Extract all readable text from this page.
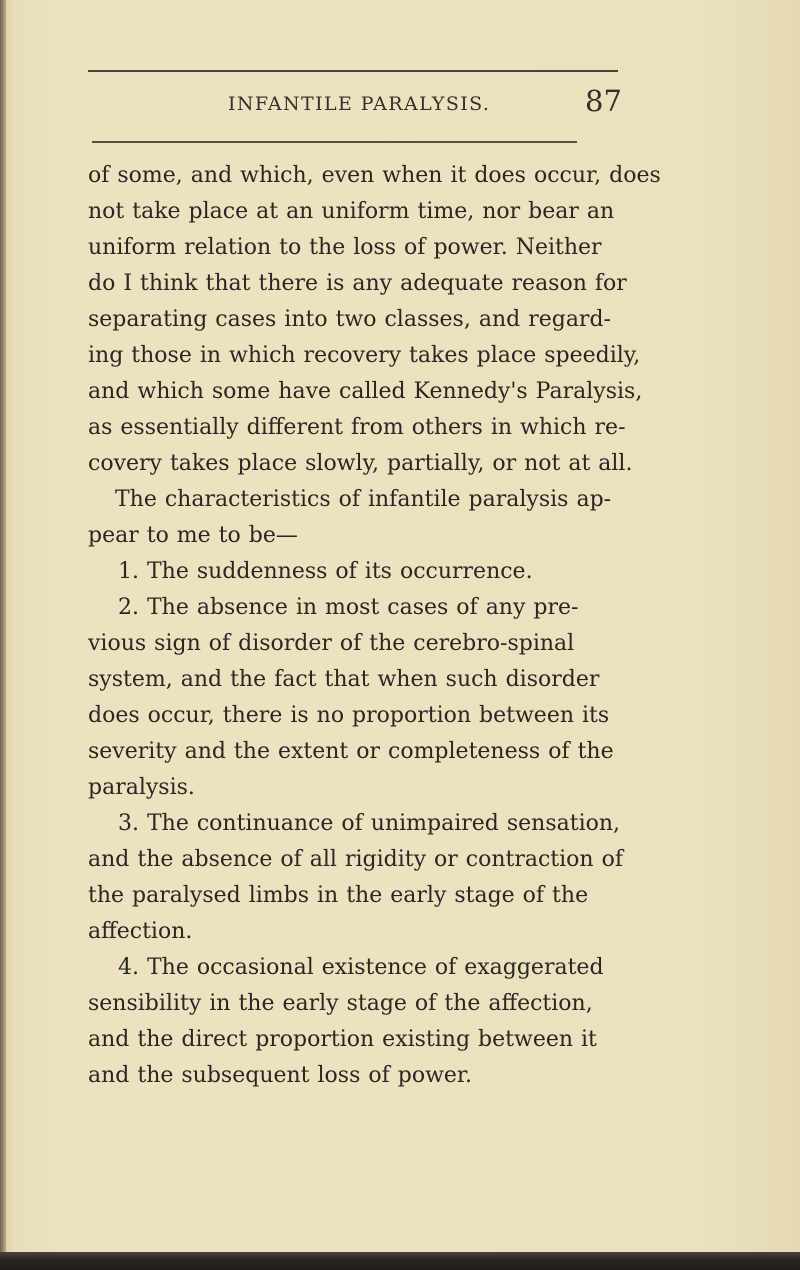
INFANTILE PARALYSIS.	87
of some, and which, even when it does occur, does
not take place at an uniform time, nor bear an
uniform relation to the loss of power. Neither
do I think that there is any adequate reason for
separating cases into two classes, and regard-
ing those in which recovery takes place speedily,
and which some have called Kennedy's Paralysis,
as essentially different from others in which re-
covery takes place slowly, partially, or not at all.
The characteristics of infantile paralysis ap-
pear to me to be—
1. The suddenness of its occurrence.
2. The absence in most cases of any pre-
vious sign of disorder of the cerebro-spinal
system, and the fact that when such disorder
does occur, there is no proportion between its
severity and the extent or completeness of the
paralysis.
3. The continuance of unimpaired sensation,
and the absence of all rigidity or contraction of
the paralysed limbs in the early stage of the
affection.
4. The occasional existence of exaggerated
sensibility in the early stage of the affection,
and the direct proportion existing between it
and the subsequent loss of power.
